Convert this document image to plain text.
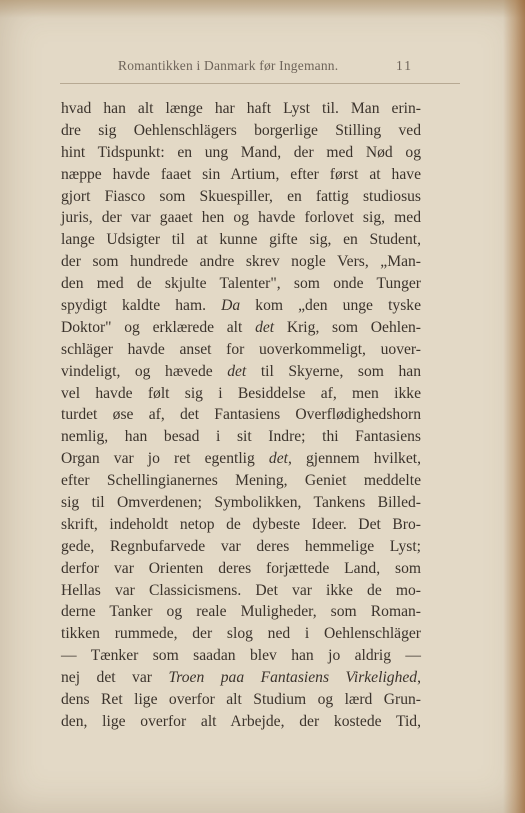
Romantikken i Danmark før Ingemann.	11
hvad han alt længe har haft Lyst til. Man erin-
dre sig Oehlenschlägers borgerlige Stilling ved
hint Tidspunkt: en ung Mand, der med Nød og
næppe havde faaet sin Artium, efter først at have
gjort Fiasco som Skuespiller, en fattig studiosus
juris, der var gaaet hen og havde forlovet sig, med
lange Udsigter til at kunne gifte sig, en Student,
der som hundrede andre skrev nogle Vers, „Man-
den med de skjulte Talenter", som onde Tunger
spydigt kaldte ham. Da kom „den unge tyske
Doktor" og erklærede alt det Krig, som Oehlen-
schläger havde anset for uoverkommeligt, uover-
vindeligt, og hævede det til Skyerne, som han
vel havde følt sig i Besiddelse af, men ikke
turdet øse af, det Fantasiens Overflødighedshorn
nemlig, han besad i sit Indre; thi Fantasiens
Organ var jo ret egentlig det, gjennem hvilket,
efter Schellingianernes Mening, Geniet meddelte
sig til Omverdenen; Symbolikken, Tankens Billed-
skrift, indeholdt netop de dybeste Ideer. Det Bro-
gede, Regnbufarvede var deres hemmelige Lyst;
derfor var Orienten deres forjættede Land, som
Hellas var Classicismens. Det var ikke de mo-
derne Tanker og reale Muligheder, som Roman-
tikken rummede, der slog ned i Oehlenschläger
— Tænker som saadan blev han jo aldrig —
nej det var Troen paa Fantasiens Virkelighed,
dens Ret lige overfor alt Studium og lærd Grun-
den, lige overfor alt Arbejde, der kostede Tid,
